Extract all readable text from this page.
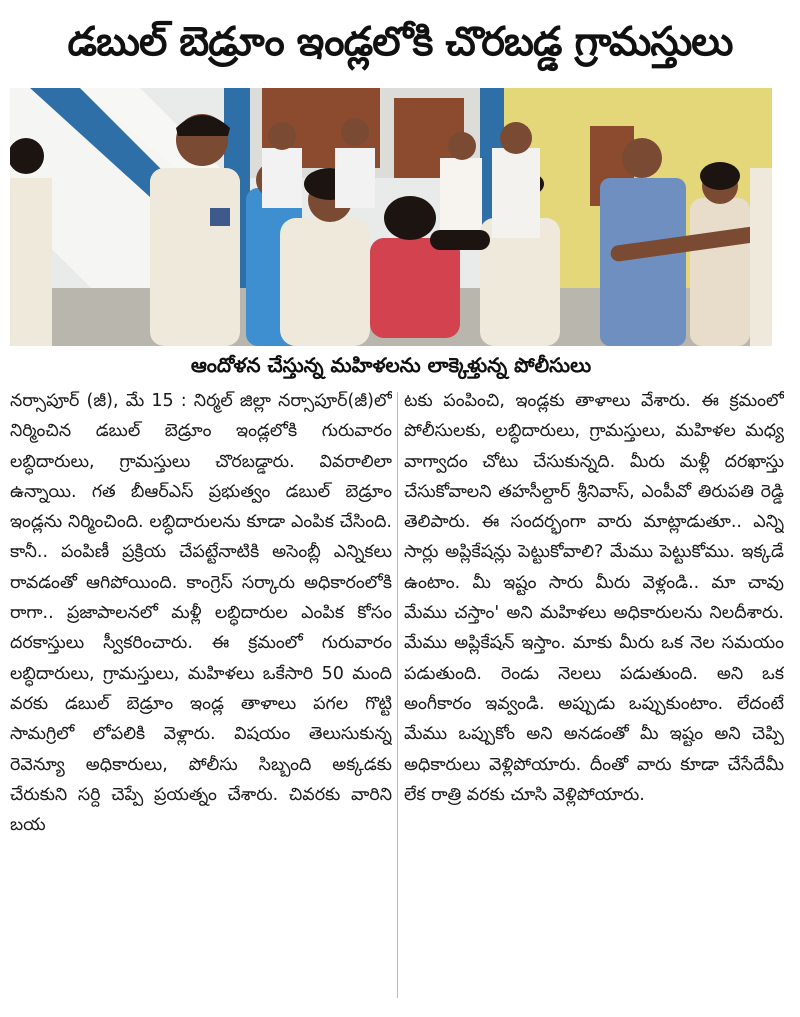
డబుల్ బెడ్రూం ఇండ్లలోకి చొరబడ్డ గ్రామస్తులు
ఆందోళన చేస్తున్న మహిళలను లాక్కెళ్తున్న పోలీసులు

నర్సాపూర్ (జీ), మే 15 : నిర్మల్ జిల్లా నర్సాపూర్(జీ)లో నిర్మించిన డబుల్ బెడ్రూం ఇండ్లలోకి గురువారం లబ్ధిదారులు, గ్రామస్తులు చొరబడ్డారు. వివరాలిలా ఉన్నాయి. గత బీఆర్ఎస్ ప్రభుత్వం డబుల్ బెడ్రూం ఇండ్లను నిర్మించింది. లబ్ధిదారులను కూడా ఎంపిక చేసింది. కానీ.. పంపిణీ ప్రక్రియ చేపట్టేనాటికి అసెంబ్లీ ఎన్నికలు రావడంతో ఆగిపోయింది. కాంగ్రెస్ సర్కారు అధికారంలోకి రాగా.. ప్రజాపాలనలో మళ్లీ లబ్ధిదారుల ఎంపిక కోసం దరకాస్తులు స్వీకరించారు. ఈ క్రమంలో గురువారం లబ్ధిదారులు, గ్రామస్తులు, మహిళలు ఒకేసారి 50 మంది వరకు డబుల్ బెడ్రూం ఇండ్ల తాళాలు పగల గొట్టి సామగ్రిలో లోపలికి వెళ్లారు. విషయం తెలుసుకున్న రెవెన్యూ అధికారులు, పోలీసు సిబ్బంది అక్కడకు చేరుకుని సర్ది చెప్పే ప్రయత్నం చేశారు. చివరకు వారిని బయ

టకు పంపించి, ఇండ్లకు తాళాలు వేశారు. ఈ క్రమంలో పోలీసులకు, లబ్ధిదారులు, గ్రామస్తులు, మహిళల మధ్య వాగ్వాదం చోటు చేసుకున్నది. మీరు మళ్లీ దరఖాస్తు చేసుకోవాలని తహసీల్దార్ శ్రీనివాస్, ఎంపీవో తిరుపతి రెడ్డి తెలిపారు. ఈ సందర్భంగా వారు మాట్లాడుతూ.. ఎన్ని సార్లు అప్లికేషన్లు పెట్టుకోవాలి? మేము పెట్టుకోము. ఇక్కడే ఉంటాం. మీ ఇష్టం సారు మీరు వెళ్లండి.. మా చావు మేము చస్తాం' అని మహిళలు అధికారులను నిలదీశారు. మేము అప్లికేషన్ ఇస్తాం. మాకు మీరు ఒక నెల సమయం పడుతుంది. రెండు నెలలు పడుతుంది. అని ఒక అంగీకారం ఇవ్వండి. అప్పుడు ఒప్పుకుంటాం. లేదంటే మేము ఒప్పుకోం అని అనడంతో మీ ఇష్టం అని చెప్పి అధికారులు వెళ్లిపోయారు. దీంతో వారు కూడా చేసేదేమీ లేక రాత్రి వరకు చూసి వెళ్లిపోయారు.
